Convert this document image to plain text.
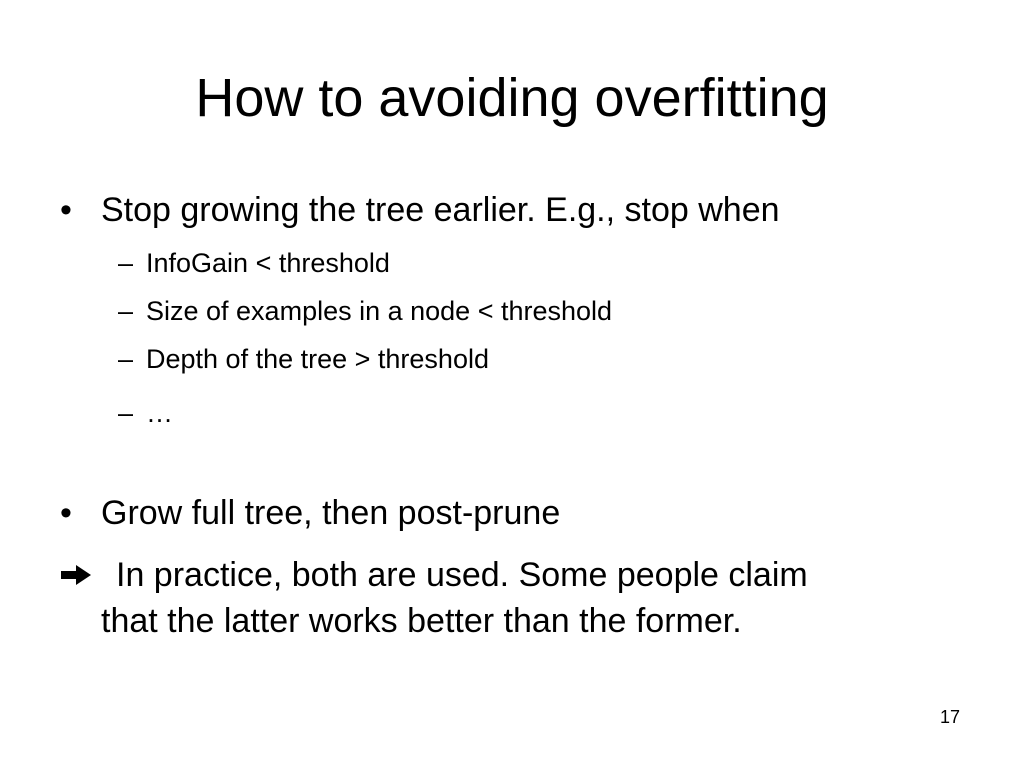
How to avoiding overfitting
• Stop growing the tree earlier. E.g., stop when
– InfoGain < threshold
– Size of examples in a node < threshold
– Depth of the tree > threshold
– …
• Grow full tree, then post-prune
In practice, both are used. Some people claim
that the latter works better than the former.
17
